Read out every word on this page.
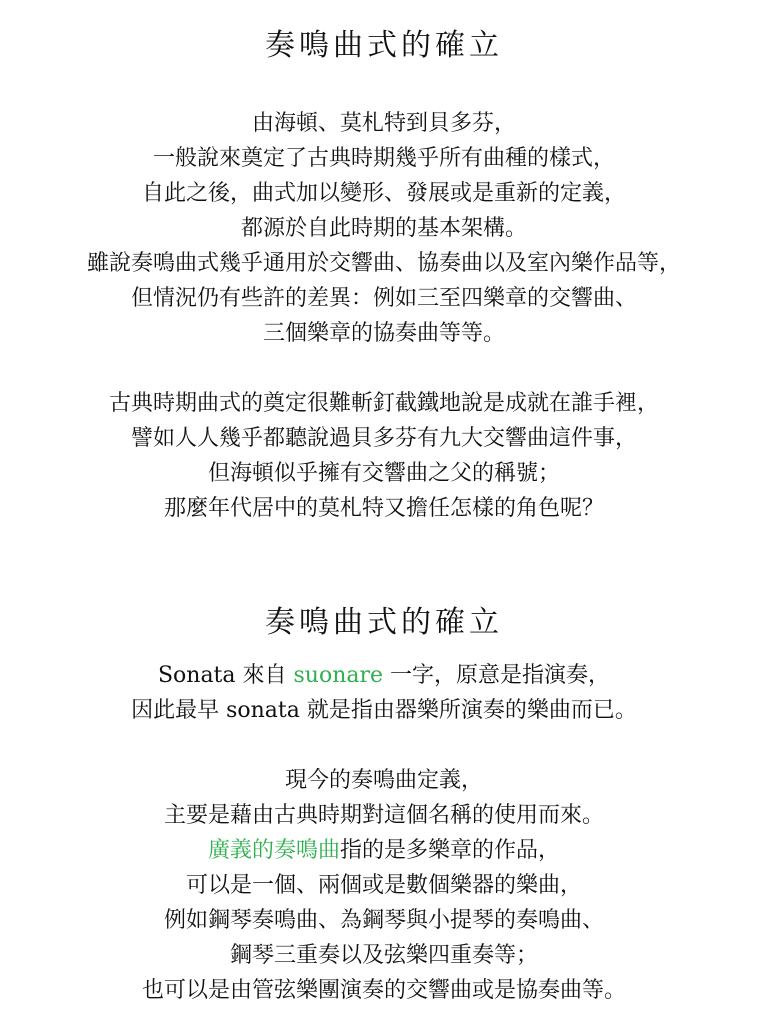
奏鳴曲式的確立

由海頓、莫札特到貝多芬，
一般說來奠定了古典時期幾乎所有曲種的樣式，
自此之後，曲式加以變形、發展或是重新的定義，
都源於自此時期的基本架構。
雖說奏鳴曲式幾乎通用於交響曲、協奏曲以及室內樂作品等，
但情況仍有些許的差異：例如三至四樂章的交響曲、
三個樂章的協奏曲等等。

古典時期曲式的奠定很難斬釘截鐵地說是成就在誰手裡，
譬如人人幾乎都聽說過貝多芬有九大交響曲這件事，
但海頓似乎擁有交響曲之父的稱號；
那麼年代居中的莫札特又擔任怎樣的角色呢？

奏鳴曲式的確立

Sonata 來自 suonare 一字，原意是指演奏，
因此最早 sonata 就是指由器樂所演奏的樂曲而已。

現今的奏鳴曲定義，
主要是藉由古典時期對這個名稱的使用而來。
廣義的奏鳴曲指的是多樂章的作品，
可以是一個、兩個或是數個樂器的樂曲，
例如鋼琴奏鳴曲、為鋼琴與小提琴的奏鳴曲、
鋼琴三重奏以及弦樂四重奏等；
也可以是由管弦樂團演奏的交響曲或是協奏曲等。
